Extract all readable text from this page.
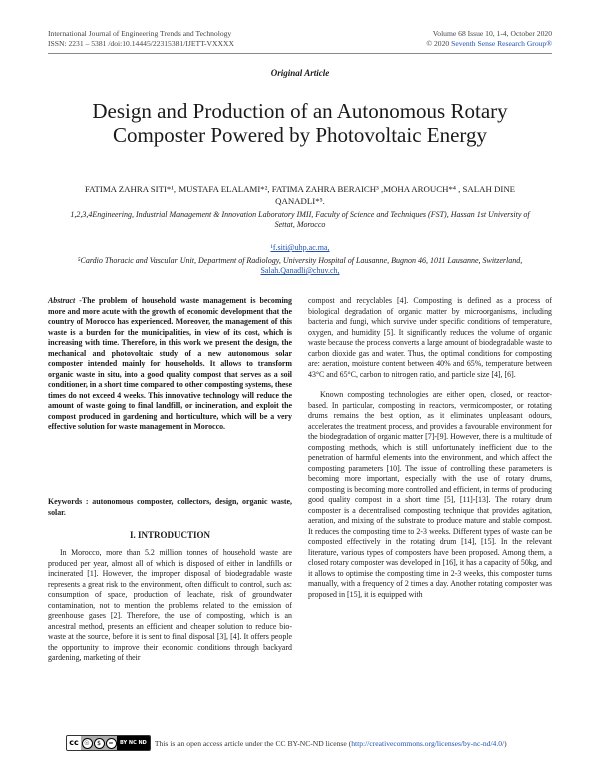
International Journal of Engineering Trends and Technology
ISSN: 2231 – 5381 /doi:10.14445/22315381/IJETT-VXXXX
Volume 68 Issue 10, 1-4, October 2020
© 2020 Seventh Sense Research Group®
Original Article
Design and Production of an Autonomous Rotary Composter Powered by Photovoltaic Energy
FATIMA ZAHRA SITI*¹, MUSTAFA ELALAMI*², FATIMA ZAHRA BERAICH³ ,MOHA AROUCH*⁴ , SALAH DINE QANADLI*⁵.
1,2,3,4Engineering, Industrial Management & Innovation Laboratory IMII, Faculty of Science and Techniques (FST), Hassan 1st University of Settat, Morocco
¹f.siti@uhp.ac.ma,
⁵Cardio Thoracic and Vascular Unit, Department of Radiology, University Hospital of Lausanne, Bugnon 46, 1011 Lausanne, Switzerland, Salah.Qanadli@chuv.ch,
Abstract -The problem of household waste management is becoming more and more acute with the growth of economic development that the country of Morocco has experienced. Moreover, the management of this waste is a burden for the municipalities, in view of its cost, which is increasing with time. Therefore, in this work we present the design, the mechanical and photovoltaic study of a new autonomous solar composter intended mainly for households. It allows to transform organic waste in situ, into a good quality compost that serves as a soil conditioner, in a short time compared to other composting systems, these times do not exceed 4 weeks. This innovative technology will reduce the amount of waste going to final landfill, or incineration, and exploit the compost produced in gardening and horticulture, which will be a very effective solution for waste management in Morocco.
Keywords : autonomous composter, collectors, design, organic waste, solar.
I. INTRODUCTION

In Morocco, more than 5.2 million tonnes of household waste are produced per year, almost all of which is disposed of either in landfills or incinerated [1]. However, the improper disposal of biodegradable waste represents a great risk to the environment, often difficult to control, such as: consumption of space, production of leachate, risk of groundwater contamination, not to mention the problems related to the emission of greenhouse gases [2]. Therefore, the use of composting, which is an ancestral method, presents an efficient and cheaper solution to reduce bio-waste at the source, before it is sent to final disposal [3], [4]. It offers people the opportunity to improve their economic conditions through backyard gardening, marketing of their

compost and recyclables [4]. Composting is defined as a process of biological degradation of organic matter by microorganisms, including bacteria and fungi, which survive under specific conditions of temperature, oxygen, and humidity [5]. It significantly reduces the volume of organic waste because the process converts a large amount of biodegradable waste to carbon dioxide gas and water. Thus, the optimal conditions for composting are: aeration, moisture content between 40% and 65%, temperature between 43°C and 65°C, carbon to nitrogen ratio, and particle size [4], [6].

Known composting technologies are either open, closed, or reactor-based. In particular, composting in reactors, vermicomposter, or rotating drums remains the best option, as it eliminates unpleasant odours, accelerates the treatment process, and provides a favourable environment for the biodegradation of organic matter [7]-[9]. However, there is a multitude of composting methods, which is still unfortunately inefficient due to the penetration of harmful elements into the environment, and which affect the composting parameters [10]. The issue of controlling these parameters is becoming more important, especially with the use of rotary drums, composting is becoming more controlled and efficient, in terms of producing good quality compost in a short time [5], [11]-[13]. The rotary drum composter is a decentralised composting technique that provides agitation, aeration, and mixing of the substrate to produce mature and stable compost. It reduces the composting time to 2-3 weeks. Different types of waste can be composted effectively in the rotating drum [14], [15]. In the relevant literature, various types of composters have been proposed. Among them, a closed rotary composter was developed in [16], it has a capacity of 50kg, and it allows to optimise the composting time in 2-3 weeks, this composter turns manually, with a frequency of 2 times a day. Another rotating composter was proposed in [15], it is equipped with

cc ☉	$	=	BY NC ND	This is an open access article under the CC BY-NC-ND license (http://creativecommons.org/licenses/by-nc-nd/4.0/)
